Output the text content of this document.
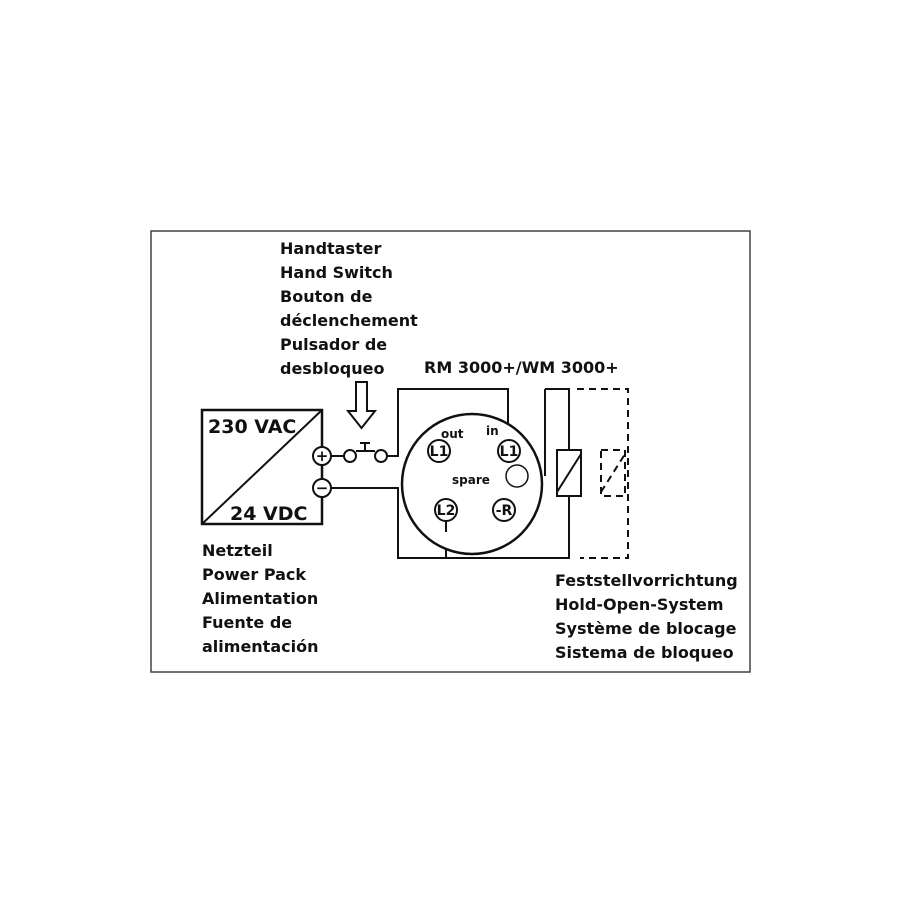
Handtaster
Hand Switch
Bouton de
déclenchement
Pulsador de
desbloqueo RM 3000+/WM 3000+
230 VAC
24 VDC
+
−
out in
L1	L1
spare
L2	-R
Netzteil
Power Pack
Alimentation
Fuente de
alimentación
Feststellvorrichtung
Hold-Open-System
Système de blocage
Sistema de bloqueo
